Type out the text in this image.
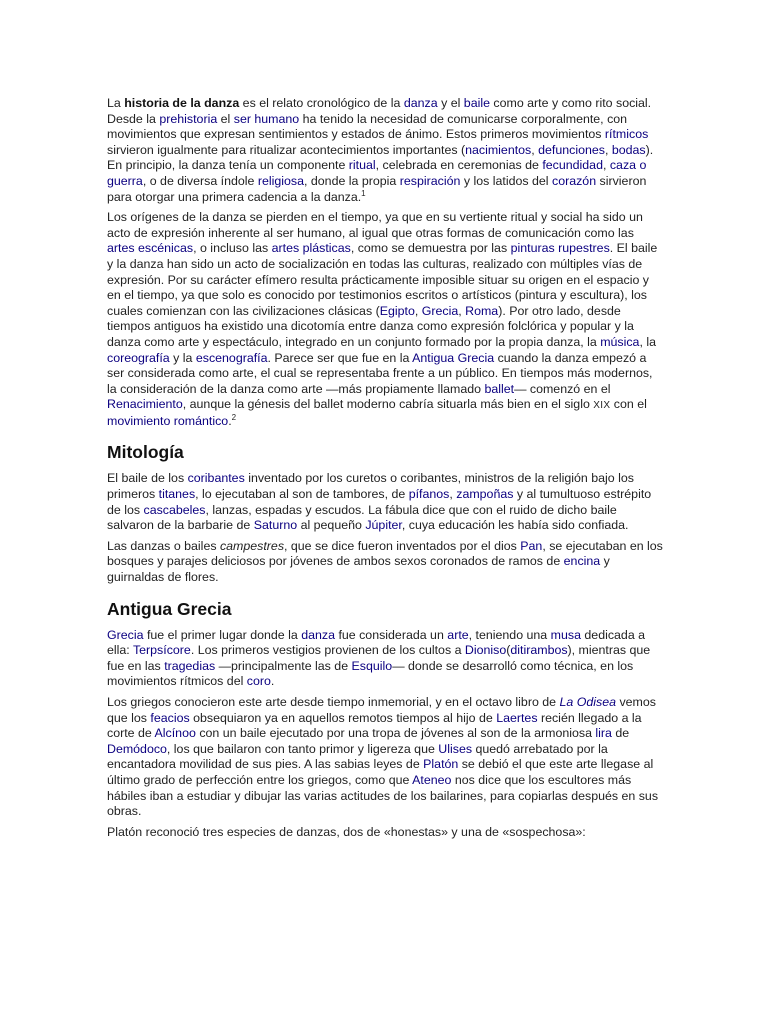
La historia de la danza es el relato cronológico de la danza y el baile como arte y como rito social. Desde la prehistoria el ser humano ha tenido la necesidad de comunicarse corporalmente, con movimientos que expresan sentimientos y estados de ánimo. Estos primeros movimientos rítmicos sirvieron igualmente para ritualizar acontecimientos importantes (nacimientos, defunciones, bodas). En principio, la danza tenía un componente ritual, celebrada en ceremonias de fecundidad, caza o guerra, o de diversa índole religiosa, donde la propia respiración y los latidos del corazón sirvieron para otorgar una primera cadencia a la danza.$^1$

Los orígenes de la danza se pierden en el tiempo, ya que en su vertiente ritual y social ha sido un acto de expresión inherente al ser humano, al igual que otras formas de comunicación como las artes escénicas, o incluso las artes plásticas, como se demuestra por las pinturas rupestres. El baile y la danza han sido un acto de socialización en todas las culturas, realizado con múltiples vías de expresión. Por su carácter efímero resulta prácticamente imposible situar su origen en el espacio y en el tiempo, ya que solo es conocido por testimonios escritos o artísticos (pintura y escultura), los cuales comienzan con las civilizaciones clásicas (Egipto, Grecia, Roma). Por otro lado, desde tiempos antiguos ha existido una dicotomía entre danza como expresión folclórica y popular y la danza como arte y espectáculo, integrado en un conjunto formado por la propia danza, la música, la coreografía y la escenografía. Parece ser que fue en la Antigua Grecia cuando la danza empezó a ser considerada como arte, el cual se representaba frente a un público. En tiempos más modernos, la consideración de la danza como arte —más propiamente llamado ballet— comenzó en el Renacimiento, aunque la génesis del ballet moderno cabría situarla más bien en el siglo XIX con el movimiento romántico.$^2$

Mitología

El baile de los coribantes inventado por los curetos o coribantes, ministros de la religión bajo los primeros titanes, lo ejecutaban al son de tambores, de pífanos, zampoñas y al tumultuoso estrépito de los cascabeles, lanzas, espadas y escudos. La fábula dice que con el ruido de dicho baile salvaron de la barbarie de Saturno al pequeño Júpiter, cuya educación les había sido confiada.

Las danzas o bailes campestres, que se dice fueron inventados por el dios Pan, se ejecutaban en los bosques y parajes deliciosos por jóvenes de ambos sexos coronados de ramos de encina y guirnaldas de flores.

Antigua Grecia

Grecia fue el primer lugar donde la danza fue considerada un arte, teniendo una musa dedicada a ella: Terpsícore. Los primeros vestigios provienen de los cultos a Dioniso(ditirambos), mientras que fue en las tragedias —principalmente las de Esquilo— donde se desarrolló como técnica, en los movimientos rítmicos del coro.

Los griegos conocieron este arte desde tiempo inmemorial, y en el octavo libro de La Odisea vemos que los feacios obsequiaron ya en aquellos remotos tiempos al hijo de Laertes recién llegado a la corte de Alcínoo con un baile ejecutado por una tropa de jóvenes al son de la armoniosa lira de Demódoco, los que bailaron con tanto primor y ligereza que Ulises quedó arrebatado por la encantadora movilidad de sus pies. A las sabias leyes de Platón se debió el que este arte llegase al último grado de perfección entre los griegos, como que Ateneo nos dice que los escultores más hábiles iban a estudiar y dibujar las varias actitudes de los bailarines, para copiarlas después en sus obras.

Platón reconoció tres especies de danzas, dos de «honestas» y una de «sospechosa»:
